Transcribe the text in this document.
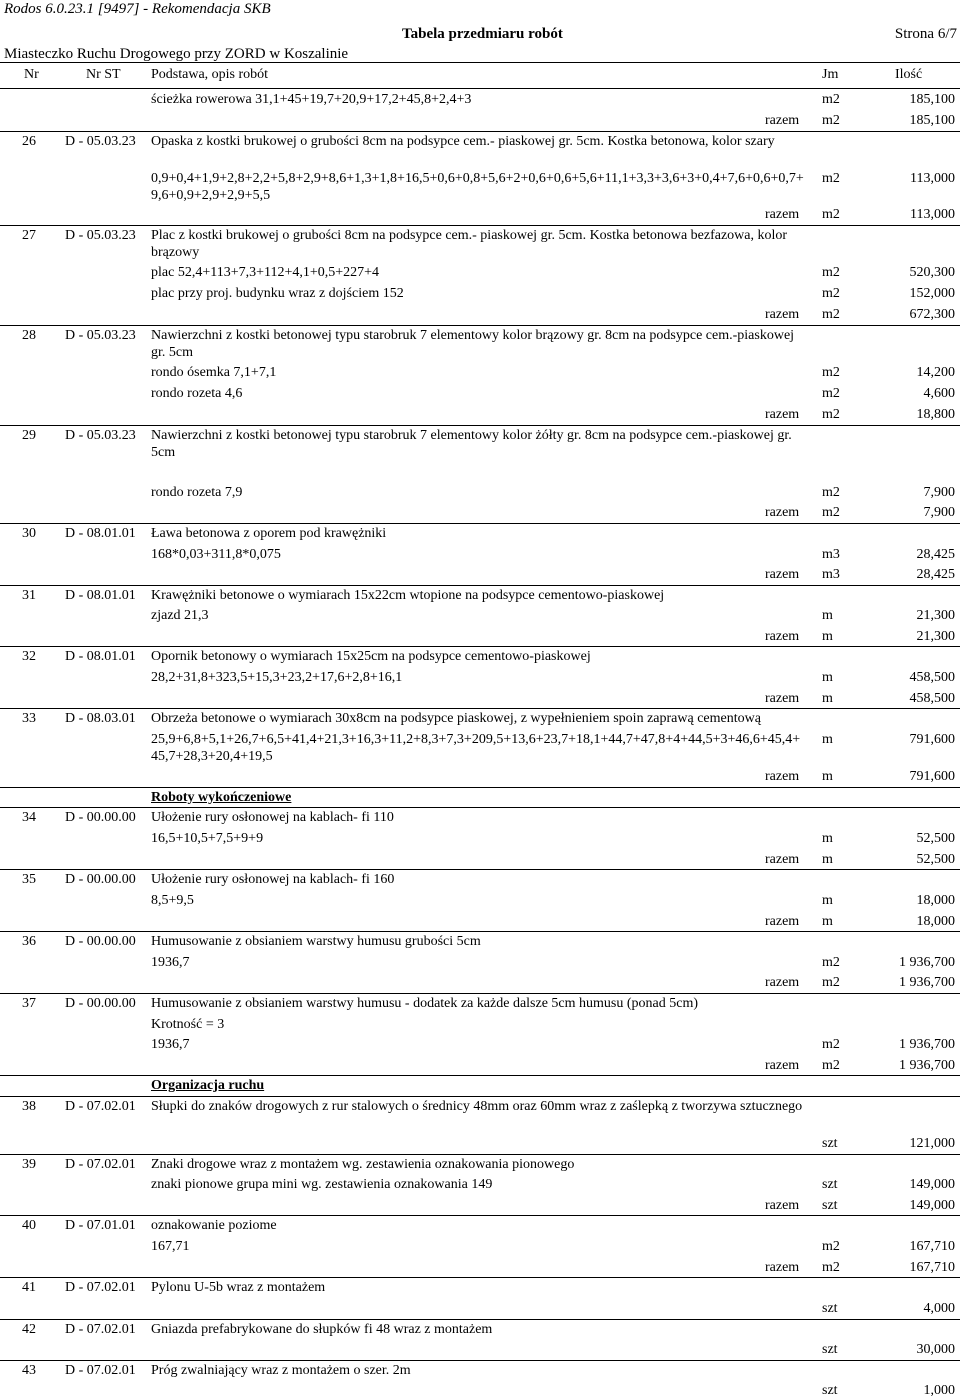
Rodos 6.0.23.1 [9497] - Rekomendacja SKB
Tabela przedmiaru robót	Strona 6/7
Miasteczko Ruchu Drogowego przy ZORD w Koszalinie
Nr	Nr ST Podstawa, opis robót	Jm	Ilość
ścieżka rowerowa 31,1+45+19,7+20,9+17,2+45,8+2,4+3	m2	185,100
razem m2	185,100
26 D - 05.03.23 Opaska z kostki brukowej o grubości 8cm na podsypce cem.- piaskowej gr. 5cm. Kostka betonowa, kolor szary
0,9+0,4+1,9+2,8+2,2+5,8+2,9+8,6+1,3+1,8+16,5+0,6+0,8+5,6+2+0,6+0,6+5,6+11,1+3,3+3,6+3+0,4+7,6+0,6+0,7+9,6+0,9+2,9+2,9+5,5
m2	113,000
razem m2	113,000
27 D - 05.03.23 Plac z kostki brukowej o grubości 8cm na podsypce cem.- piaskowej gr. 5cm. Kostka betonowa bezfazowa, kolor brązowy
plac 52,4+113+7,3+112+4,1+0,5+227+4	m2	520,300
plac przy proj. budynku wraz z dojściem 152	m2	152,000
razem m2	672,300
28 D - 05.03.23 Nawierzchni z kostki betonowej typu starobruk 7 elementowy kolor brązowy gr. 8cm na podsypce cem.-piaskowej gr. 5cm
rondo ósemka 7,1+7,1	m2	14,200
rondo rozeta 4,6	m2	4,600
razem m2	18,800
29 D - 05.03.23 Nawierzchni z kostki betonowej typu starobruk 7 elementowy kolor żółty gr. 8cm na podsypce cem.-piaskowej gr. 5cm
rondo rozeta 7,9	m2	7,900
razem m2	7,900
30 D - 08.01.01 Ława betonowa z oporem pod krawężniki
168*0,03+311,8*0,075	m3	28,425
razem m3	28,425
31 D - 08.01.01 Krawężniki betonowe o wymiarach 15x22cm wtopione na podsypce cementowo-piaskowej
zjazd 21,3	m	21,300
razem m	21,300
32 D - 08.01.01 Opornik betonowy o wymiarach 15x25cm na podsypce cementowo-piaskowej
28,2+31,8+323,5+15,3+23,2+17,6+2,8+16,1	m	458,500
razem m	458,500
33 D - 08.03.01 Obrzeża betonowe o wymiarach 30x8cm na podsypce piaskowej, z wypełnieniem spoin zaprawą cementową
25,9+6,8+5,1+26,7+6,5+41,4+21,3+16,3+11,2+8,3+7,3+209,5+13,6+23,7+18,1+44,7+47,8+4+44,5+3+46,6+45,4+45,7+28,3+20,4+19,5
m	791,600
razem m	791,600
Roboty wykończeniowe
34 D - 00.00.00 Ułożenie rury osłonowej na kablach- fi 110
16,5+10,5+7,5+9+9	m	52,500
razem m	52,500
35 D - 00.00.00 Ułożenie rury osłonowej na kablach- fi 160
8,5+9,5	m	18,000
razem m	18,000
36 D - 00.00.00 Humusowanie z obsianiem warstwy humusu grubości 5cm
1936,7	m2	1 936,700
razem m2	1 936,700
37 D - 00.00.00 Humusowanie z obsianiem warstwy humusu - dodatek za każde dalsze 5cm humusu (ponad 5cm)
Krotność = 3
1936,7	m2	1 936,700
razem m2	1 936,700
Organizacja ruchu
38 D - 07.02.01 Słupki do znaków drogowych z rur stalowych o średnicy 48mm oraz 60mm wraz z zaślepką z tworzywa sztucznego
szt	121,000
39 D - 07.02.01 Znaki drogowe wraz z montażem wg. zestawienia oznakowania pionowego
znaki pionowe grupa mini wg. zestawienia oznakowania 149	szt	149,000
razem szt	149,000
40 D - 07.01.01 oznakowanie poziome
167,71	m2	167,710
razem m2	167,710
41 D - 07.02.01 Pylonu U-5b wraz z montażem
szt	4,000
42 D - 07.02.01 Gniazda prefabrykowane do słupków fi 48 wraz z montażem
szt	30,000
43 D - 07.02.01 Próg zwalniający wraz z montażem o szer. 2m
szt	1,000
